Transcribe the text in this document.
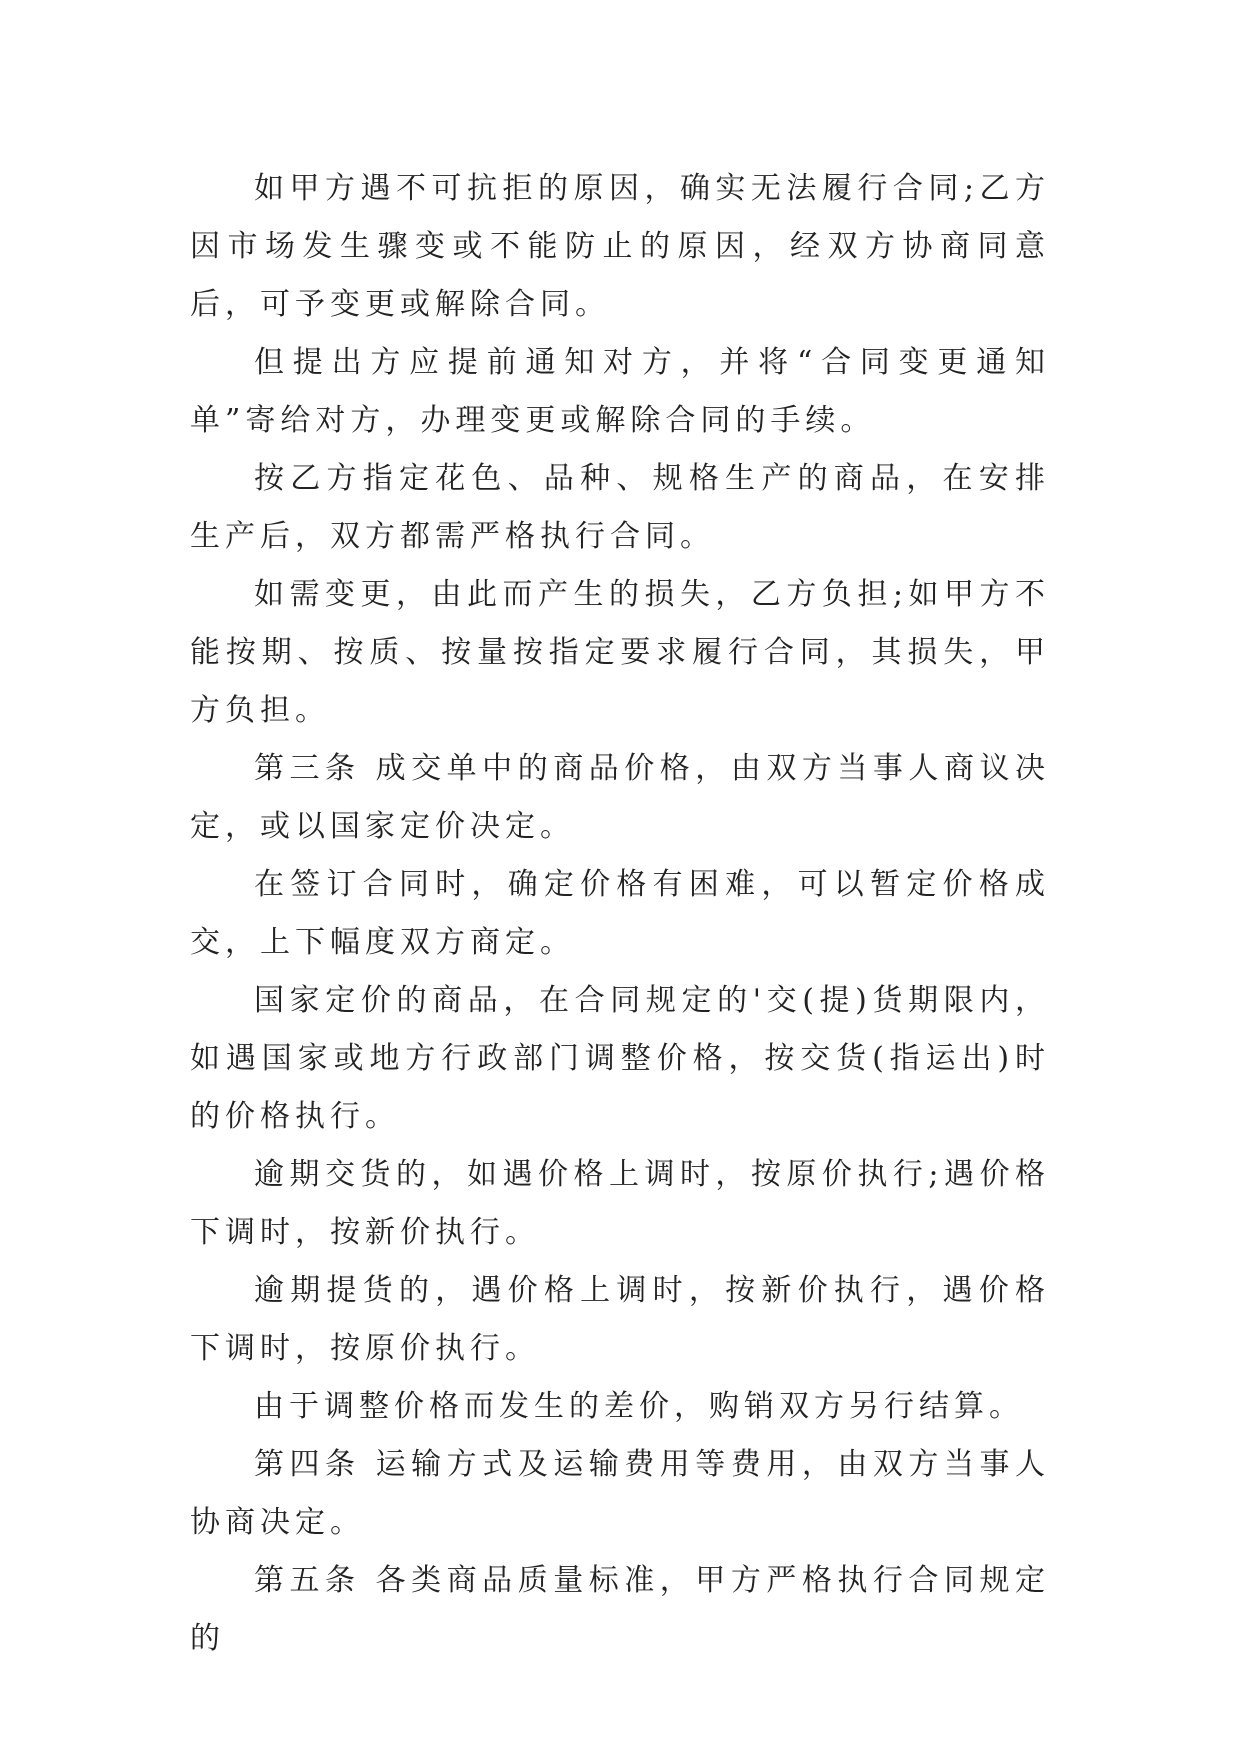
如甲方遇不可抗拒的原因，确实无法履行合同;乙方因市场发生骤变或不能防止的原因，经双方协商同意后，可予变更或解除合同。

但提出方应提前通知对方，并将“合同变更通知单”寄给对方，办理变更或解除合同的手续。

按乙方指定花色、品种、规格生产的商品，在安排生产后，双方都需严格执行合同。

如需变更，由此而产生的损失，乙方负担;如甲方不能按期、按质、按量按指定要求履行合同，其损失，甲方负担。

第三条 成交单中的商品价格，由双方当事人商议决定，或以国家定价决定。

在签订合同时，确定价格有困难，可以暂定价格成交，上下幅度双方商定。

国家定价的商品，在合同规定的'交(提)货期限内，如遇国家或地方行政部门调整价格，按交货(指运出)时的价格执行。

逾期交货的，如遇价格上调时，按原价执行;遇价格下调时，按新价执行。

逾期提货的，遇价格上调时，按新价执行，遇价格下调时，按原价执行。

由于调整价格而发生的差价，购销双方另行结算。

第四条 运输方式及运输费用等费用，由双方当事人协商决定。

第五条 各类商品质量标准，甲方严格执行合同规定的
